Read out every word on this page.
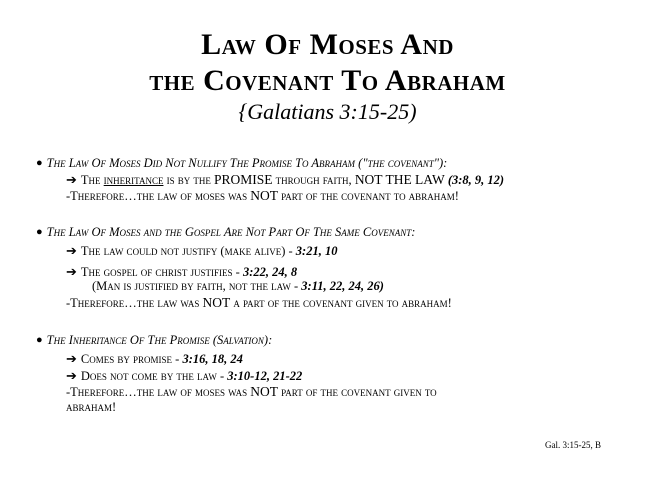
Law Of Moses And
the Covenant To Abraham
{Galatians 3:15-25)
● The Law Of Moses Did Not Nullify The Promise To Abraham ("the covenant"):
➔ The inheritance is by the PROMISE through faith, NOT THE LAW (3:8, 9, 12)
-Therefore…the law of moses was NOT part of the covenant to abraham!
● The Law Of Moses and the Gospel Are Not Part Of The Same Covenant:
➔ The law could not justify (make alive) - 3:21, 10
➔ The gospel of christ justifies - 3:22, 24, 8
(Man is justified by faith, not the law - 3:11, 22, 24, 26)
-Therefore…the law was NOT a part of the covenant given to abraham!
● The Inheritance Of The Promise (Salvation):
➔ Comes by promise - 3:16, 18, 24
➔ Does not come by the law - 3:10-12, 21-22
-Therefore…the law of moses was NOT part of the covenant given to
abraham!
Gal. 3:15-25, B
